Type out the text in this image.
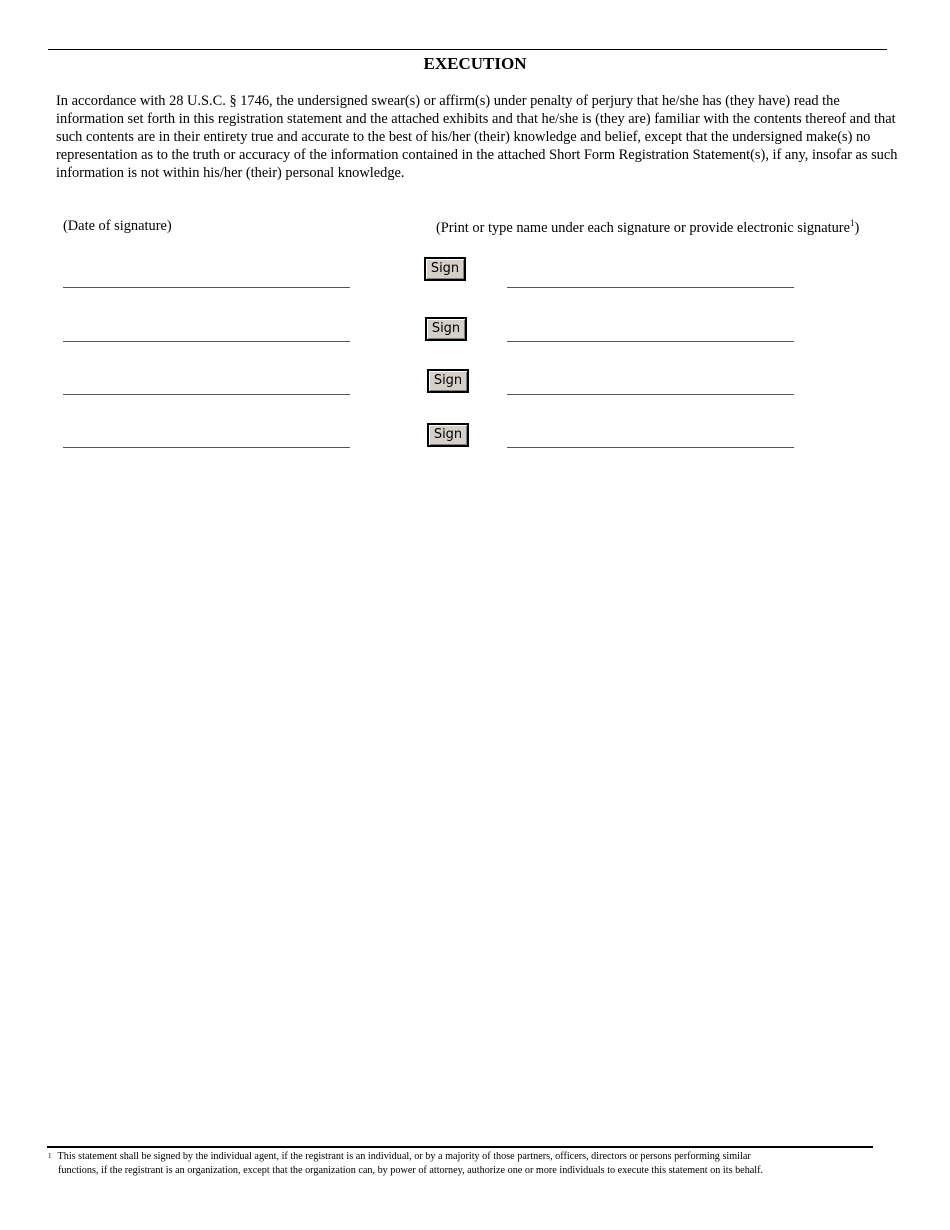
EXECUTION
In accordance with 28 U.S.C. § 1746, the undersigned swear(s) or affirm(s) under penalty of perjury that he/she has (they have) read the information set forth in this registration statement and the attached exhibits and that he/she is (they are) familiar with the contents thereof and that such contents are in their entirety true and accurate to the best of his/her (their) knowledge and belief, except that the undersigned make(s) no representation as to the truth or accuracy of the information contained in the attached Short Form Registration Statement(s), if any, insofar as such information is not within his/her (their) personal knowledge.
(Date of signature)	(Print or type name under each signature or provide electronic signature$^1$)
Sign
Sign
Sign
Sign
$^1$ This statement shall be signed by the individual agent, if the registrant is an individual, or by a majority of those partners, officers, directors or persons performing similar
functions, if the registrant is an organization, except that the organization can, by power of attorney, authorize one or more individuals to execute this statement on its behalf.
